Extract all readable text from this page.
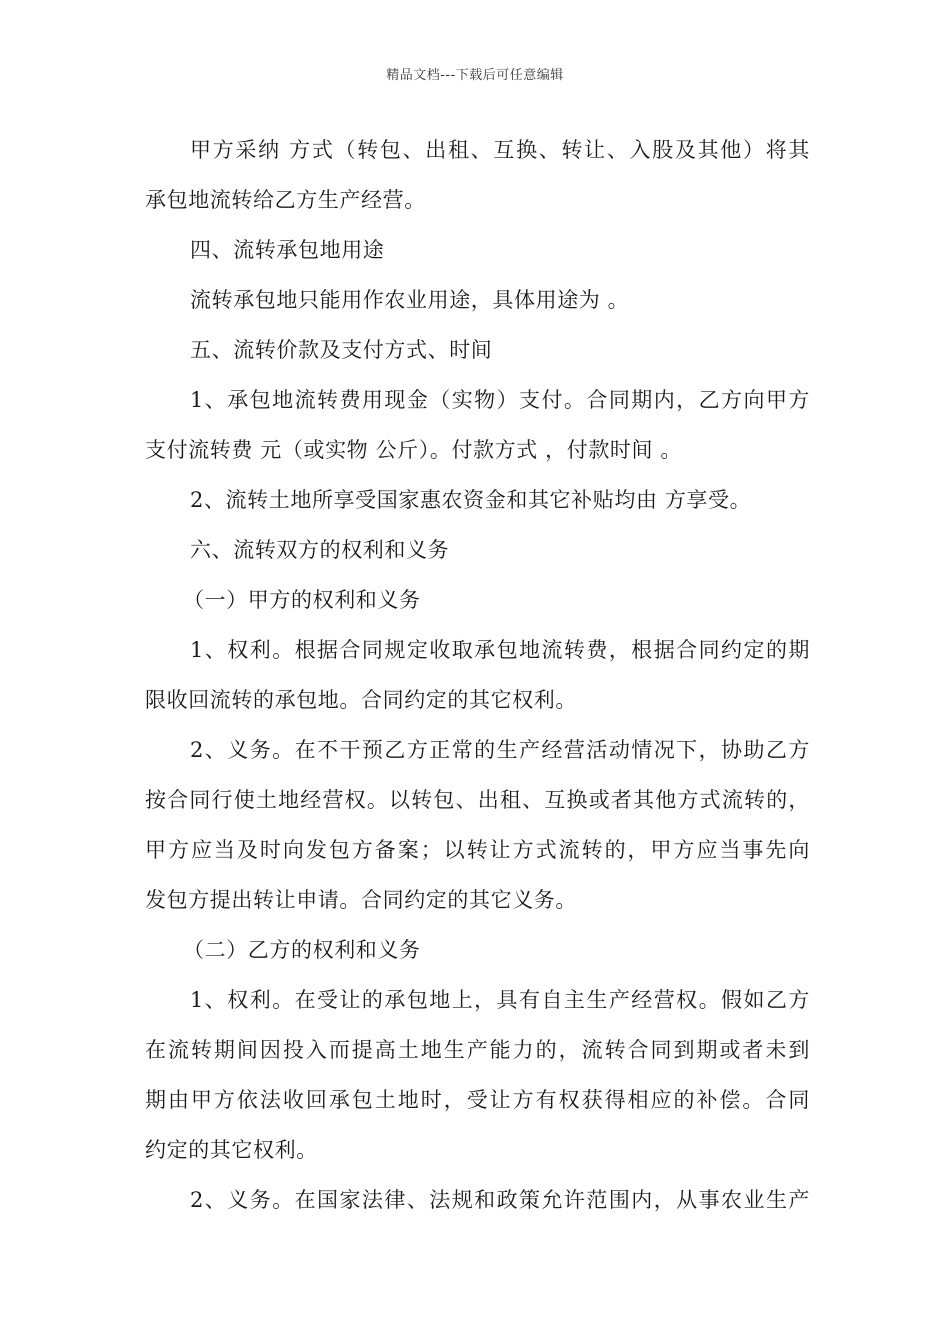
精品文档---下载后可任意编辑
甲方采纳 方式（转包、出租、互换、转让、入股及其他）将其
承包地流转给乙方生产经营。
四、流转承包地用途
流转承包地只能用作农业用途，具体用途为 。
五、流转价款及支付方式、时间
1、承包地流转费用现金（实物）支付。合同期内，乙方向甲方
支付流转费 元（或实物 公斤）。付款方式 ，付款时间 。
2、流转土地所享受国家惠农资金和其它补贴均由 方享受。
六、流转双方的权利和义务
（一）甲方的权利和义务
1、权利。根据合同规定收取承包地流转费，根据合同约定的期
限收回流转的承包地。合同约定的其它权利。
2、义务。在不干预乙方正常的生产经营活动情况下，协助乙方
按合同行使土地经营权。以转包、出租、互换或者其他方式流转的，
甲方应当及时向发包方备案；以转让方式流转的，甲方应当事先向
发包方提出转让申请。合同约定的其它义务。
（二）乙方的权利和义务
1、权利。在受让的承包地上，具有自主生产经营权。假如乙方
在流转期间因投入而提高土地生产能力的，流转合同到期或者未到
期由甲方依法收回承包土地时，受让方有权获得相应的补偿。合同
约定的其它权利。
2、义务。在国家法律、法规和政策允许范围内，从事农业生产
